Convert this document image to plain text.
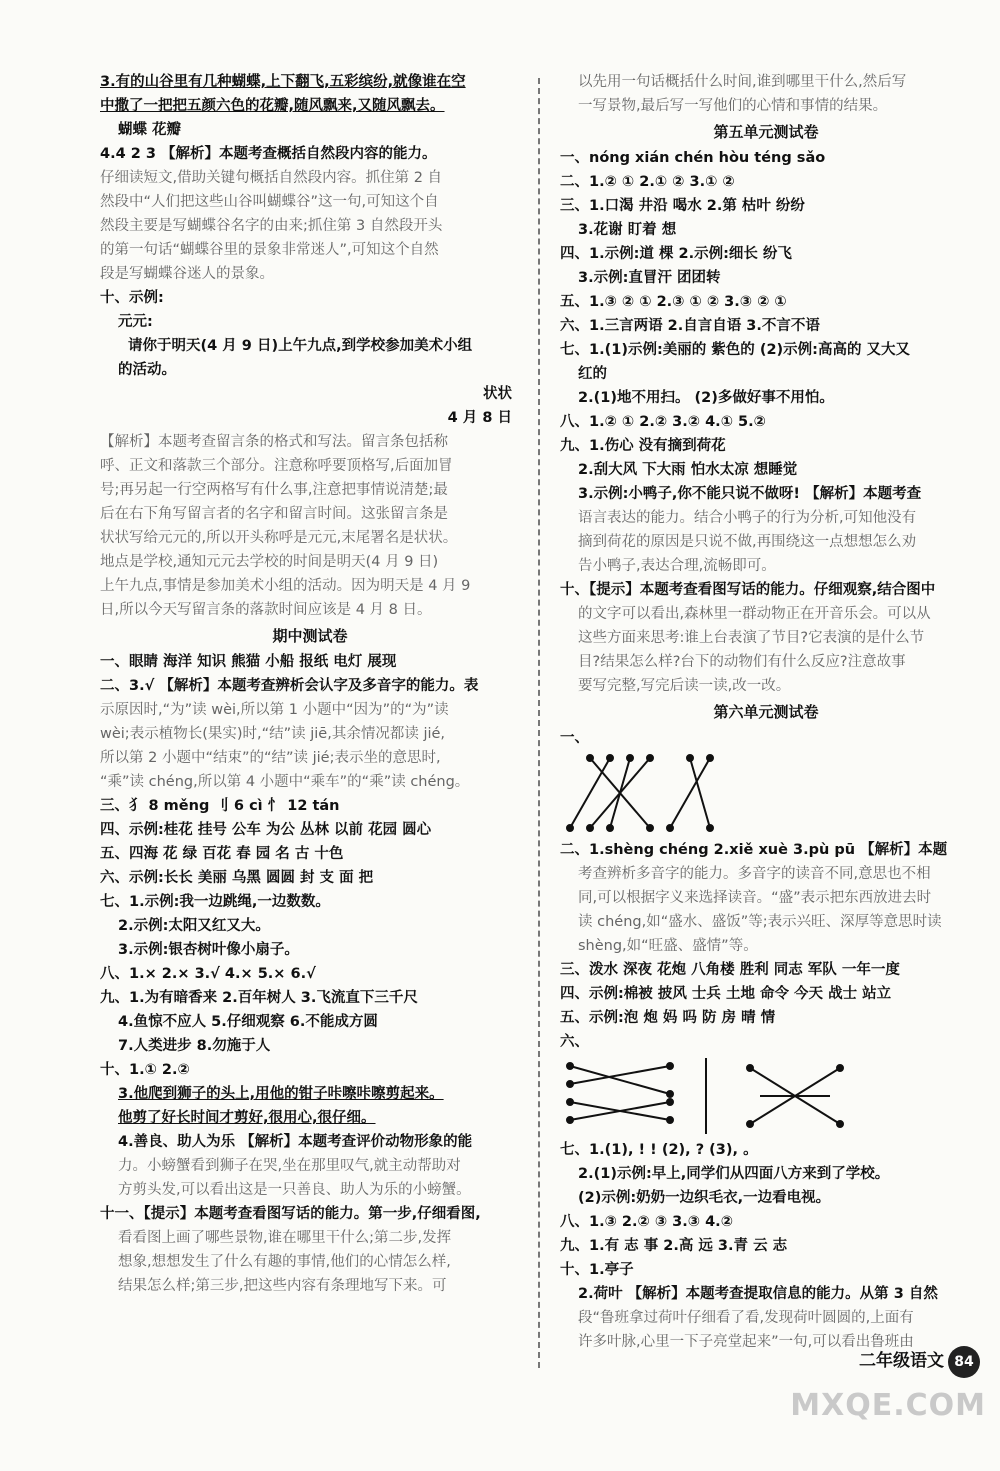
3.有的山谷里有几种蝴蝶,上下翻飞,五彩缤纷,就像谁在空
中撒了一把把五颜六色的花瓣,随风飘来,又随风飘去。
蝴蝶 花瓣
4.4 2 3 【解析】本题考查概括自然段内容的能力。
仔细读短文,借助关键句概括自然段内容。抓住第 2 自
然段中“人们把这些山谷叫蝴蝶谷”这一句,可知这个自
然段主要是写蝴蝶谷名字的由来;抓住第 3 自然段开头
的第一句话“蝴蝶谷里的景象非常迷人”,可知这个自然
段是写蝴蝶谷迷人的景象。
十、示例:
元元:
请你于明天(4 月 9 日)上午九点,到学校参加美术小组
的活动。
状状
4 月 8 日
【解析】本题考查留言条的格式和写法。留言条包括称
呼、正文和落款三个部分。注意称呼要顶格写,后面加冒
号;再另起一行空两格写有什么事,注意把事情说清楚;最
后在右下角写留言者的名字和留言时间。这张留言条是
状状写给元元的,所以开头称呼是元元,末尾署名是状状。
地点是学校,通知元元去学校的时间是明天(4 月 9 日)
上午九点,事情是参加美术小组的活动。因为明天是 4 月 9
日,所以今天写留言条的落款时间应该是 4 月 8 日。
期中测试卷
一、眼睛 海洋 知识 熊猫 小船 报纸 电灯 展现
二、3.√ 【解析】本题考查辨析会认字及多音字的能力。表
示原因时,“为”读 wèi,所以第 1 小题中“因为”的“为”读
wèi;表示植物长(果实)时,“结”读 jiē,其余情况都读 jié,
所以第 2 小题中“结束”的“结”读 jié;表示坐的意思时,
“乘”读 chéng,所以第 4 小题中“乘车”的“乘”读 chéng。
三、犭 8 měng 刂 6 cì 忄 12 tán
四、示例:桂花 挂号 公车 为公 丛林 以前 花园 圆心
五、四海 花 绿 百花 春 园 名 古 十色
六、示例:长长 美丽 乌黑 圆圆 封 支 面 把
七、1.示例:我一边跳绳,一边数数。
2.示例:太阳又红又大。
3.示例:银杏树叶像小扇子。
八、1.× 2.× 3.√ 4.× 5.× 6.√
九、1.为有暗香来 2.百年树人 3.飞流直下三千尺
4.鱼惊不应人 5.仔细观察 6.不能成方圆
7.人类进步 8.勿施于人
十、1.① 2.②
3.他爬到狮子的头上,用他的钳子咔嚓咔嚓剪起来。
他剪了好长时间才剪好,很用心,很仔细。
4.善良、助人为乐 【解析】本题考查评价动物形象的能
力。小螃蟹看到狮子在哭,坐在那里叹气,就主动帮助对
方剪头发,可以看出这是一只善良、助人为乐的小螃蟹。
十一、【提示】本题考查看图写话的能力。第一步,仔细看图,
看看图上画了哪些景物,谁在哪里干什么;第二步,发挥
想象,想想发生了什么有趣的事情,他们的心情怎么样,
结果怎么样;第三步,把这些内容有条理地写下来。可
以先用一句话概括什么时间,谁到哪里干什么,然后写
一写景物,最后写一写他们的心情和事情的结果。
第五单元测试卷
一、nóng xián chén hòu téng sǎo
二、1.② ① 2.① ② 3.① ②
三、1.口渴 井沿 喝水 2.第 枯叶 纷纷
3.花谢 盯着 想
四、1.示例:道 棵 2.示例:细长 纷飞
3.示例:直冒汗 团团转
五、1.③ ② ① 2.③ ① ② 3.③ ② ①
六、1.三言两语 2.自言自语 3.不言不语
七、1.(1)示例:美丽的 紫色的 (2)示例:高高的 又大又
红的
2.(1)地不用扫。 (2)多做好事不用怕。
八、1.② ① 2.② 3.② 4.① 5.②
九、1.伤心 没有摘到荷花
2.刮大风 下大雨 怕水太凉 想睡觉
3.示例:小鸭子,你不能只说不做呀! 【解析】本题考查
语言表达的能力。结合小鸭子的行为分析,可知他没有
摘到荷花的原因是只说不做,再围绕这一点想想怎么劝
告小鸭子,表达合理,流畅即可。
十、【提示】本题考查看图写话的能力。仔细观察,结合图中
的文字可以看出,森林里一群动物正在开音乐会。可以从
这些方面来思考:谁上台表演了节目?它表演的是什么节
目?结果怎么样?台下的动物们有什么反应?注意故事
要写完整,写完后读一读,改一改。
第六单元测试卷
一、
二、1.shèng chéng 2.xiě xuè 3.pù pū 【解析】本题
考查辨析多音字的能力。多音字的读音不同,意思也不相
同,可以根据字义来选择读音。“盛”表示把东西放进去时
读 chéng,如“盛水、盛饭”等;表示兴旺、深厚等意思时读
shèng,如“旺盛、盛情”等。
三、泼水 深夜 花炮 八角楼 胜利 同志 军队 一年一度
四、示例:棉被 披风 士兵 土地 命令 今天 战士 站立
五、示例:泡 炮 妈 吗 防 房 晴 情
六、
七、1.(1), ! ! (2), ? (3), 。
2.(1)示例:早上,同学们从四面八方来到了学校。
(2)示例:奶奶一边织毛衣,一边看电视。
八、1.③ 2.② ③ 3.③ 4.②
九、1.有 志 事 2.高 远 3.青 云 志
十、1.亭子
2.荷叶 【解析】本题考查提取信息的能力。从第 3 自然
段“鲁班拿过荷叶仔细看了看,发现荷叶圆圆的,上面有
许多叶脉,心里一下子亮堂起来”一句,可以看出鲁班由
二年级语文 84
MXQE.COM
